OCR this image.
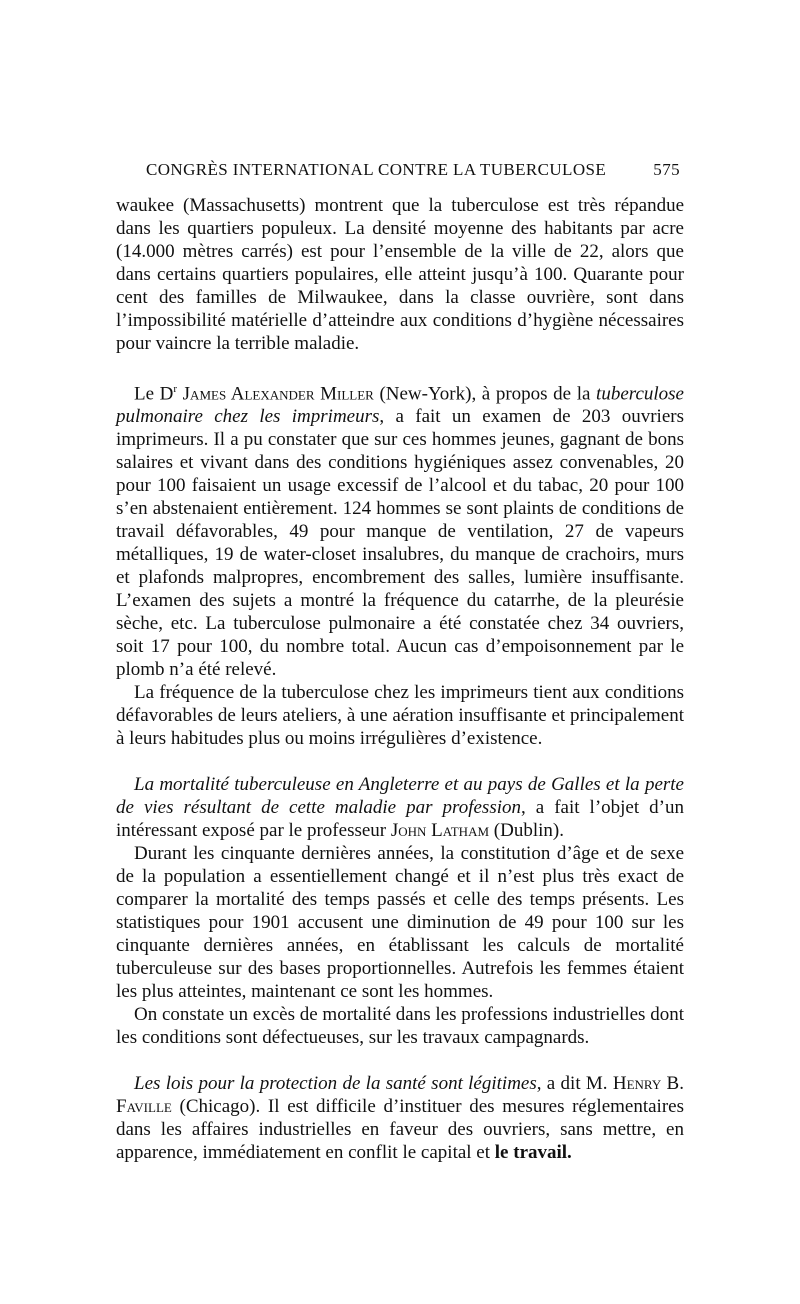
CONGRÈS INTERNATIONAL CONTRE LA TUBERCULOSE	575

waukee (Massachusetts) montrent que la tuberculose est très répandue dans les quartiers populeux. La densité moyenne des habitants par acre (14.000 mètres carrés) est pour l’ensemble de la ville de 22, alors que dans certains quartiers populaires, elle atteint jusqu’à 100. Quarante pour cent des familles de Milwaukee, dans la classe ouvrière, sont dans l’impossibilité matérielle d’atteindre aux conditions d’hygiène nécessaires pour vaincre la terrible maladie.

Le $D^r$ James Alexander Miller (New-York), à propos de la tuberculose pulmonaire chez les imprimeurs, a fait un examen de 203 ouvriers imprimeurs. Il a pu constater que sur ces hommes jeunes, gagnant de bons salaires et vivant dans des conditions hygiéniques assez convenables, 20 pour 100 faisaient un usage excessif de l’alcool et du tabac, 20 pour 100 s’en abstenaient entièrement. 124 hommes se sont plaints de conditions de travail défavorables, 49 pour manque de ventilation, 27 de vapeurs métalliques, 19 de water-closet insalubres, du manque de crachoirs, murs et plafonds malpropres, encombrement des salles, lumière insuffisante. L’examen des sujets a montré la fréquence du catarrhe, de la pleurésie sèche, etc. La tuberculose pulmonaire a été constatée chez 34 ouvriers, soit 17 pour 100, du nombre total. Aucun cas d’empoisonnement par le plomb n’a été relevé.

La fréquence de la tuberculose chez les imprimeurs tient aux conditions défavorables de leurs ateliers, à une aération insuffisante et principalement à leurs habitudes plus ou moins irrégulières d’existence.

La mortalité tuberculeuse en Angleterre et au pays de Galles et la perte de vies résultant de cette maladie par profession, a fait l’objet d’un intéressant exposé par le professeur John Latham (Dublin).

Durant les cinquante dernières années, la constitution d’âge et de sexe de la population a essentiellement changé et il n’est plus très exact de comparer la mortalité des temps passés et celle des temps présents. Les statistiques pour 1901 accusent une diminution de 49 pour 100 sur les cinquante dernières années, en établissant les calculs de mortalité tuberculeuse sur des bases proportionnelles. Autrefois les femmes étaient les plus atteintes, maintenant ce sont les hommes.

On constate un excès de mortalité dans les professions industrielles dont les conditions sont défectueuses, sur les travaux campagnards.

Les lois pour la protection de la santé sont légitimes, a dit M. Henry B. Faville (Chicago). Il est difficile d’instituer des mesures réglementaires dans les affaires industrielles en faveur des ouvriers, sans mettre, en apparence, immédiatement en conflit le capital et le travail.
